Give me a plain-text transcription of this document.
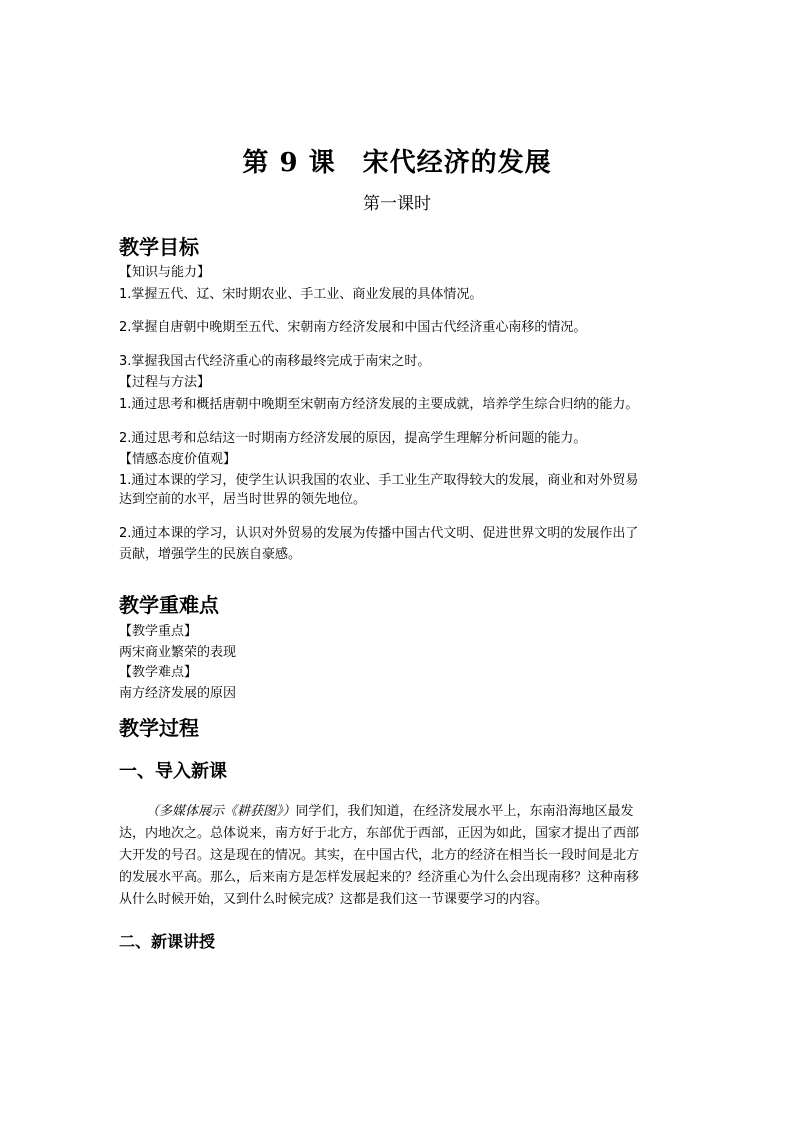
第 9 课　宋代经济的发展
第一课时
教学目标
【知识与能力】
1.掌握五代、辽、宋时期农业、手工业、商业发展的具体情况。
2.掌握自唐朝中晚期至五代、宋朝南方经济发展和中国古代经济重心南移的情况。
3.掌握我国古代经济重心的南移最终完成于南宋之时。
【过程与方法】
1.通过思考和概括唐朝中晚期至宋朝南方经济发展的主要成就，培养学生综合归纳的能力。
2.通过思考和总结这一时期南方经济发展的原因，提高学生理解分析问题的能力。
【情感态度价值观】
1.通过本课的学习，使学生认识我国的农业、手工业生产取得较大的发展，商业和对外贸易
达到空前的水平，居当时世界的领先地位。
2.通过本课的学习，认识对外贸易的发展为传播中国古代文明、促进世界文明的发展作出了
贡献，增强学生的民族自豪感。
教学重难点
【教学重点】
两宋商业繁荣的表现
【教学难点】
南方经济发展的原因
教学过程
一、导入新课
（多媒体展示《耕获图》）同学们，我们知道，在经济发展水平上，东南沿海地区最发
达，内地次之。总体说来，南方好于北方，东部优于西部，正因为如此，国家才提出了西部
大开发的号召。这是现在的情况。其实，在中国古代，北方的经济在相当长一段时间是北方
的发展水平高。那么，后来南方是怎样发展起来的？经济重心为什么会出现南移？这种南移
从什么时候开始，又到什么时候完成？这都是我们这一节课要学习的内容。
二、新课讲授
